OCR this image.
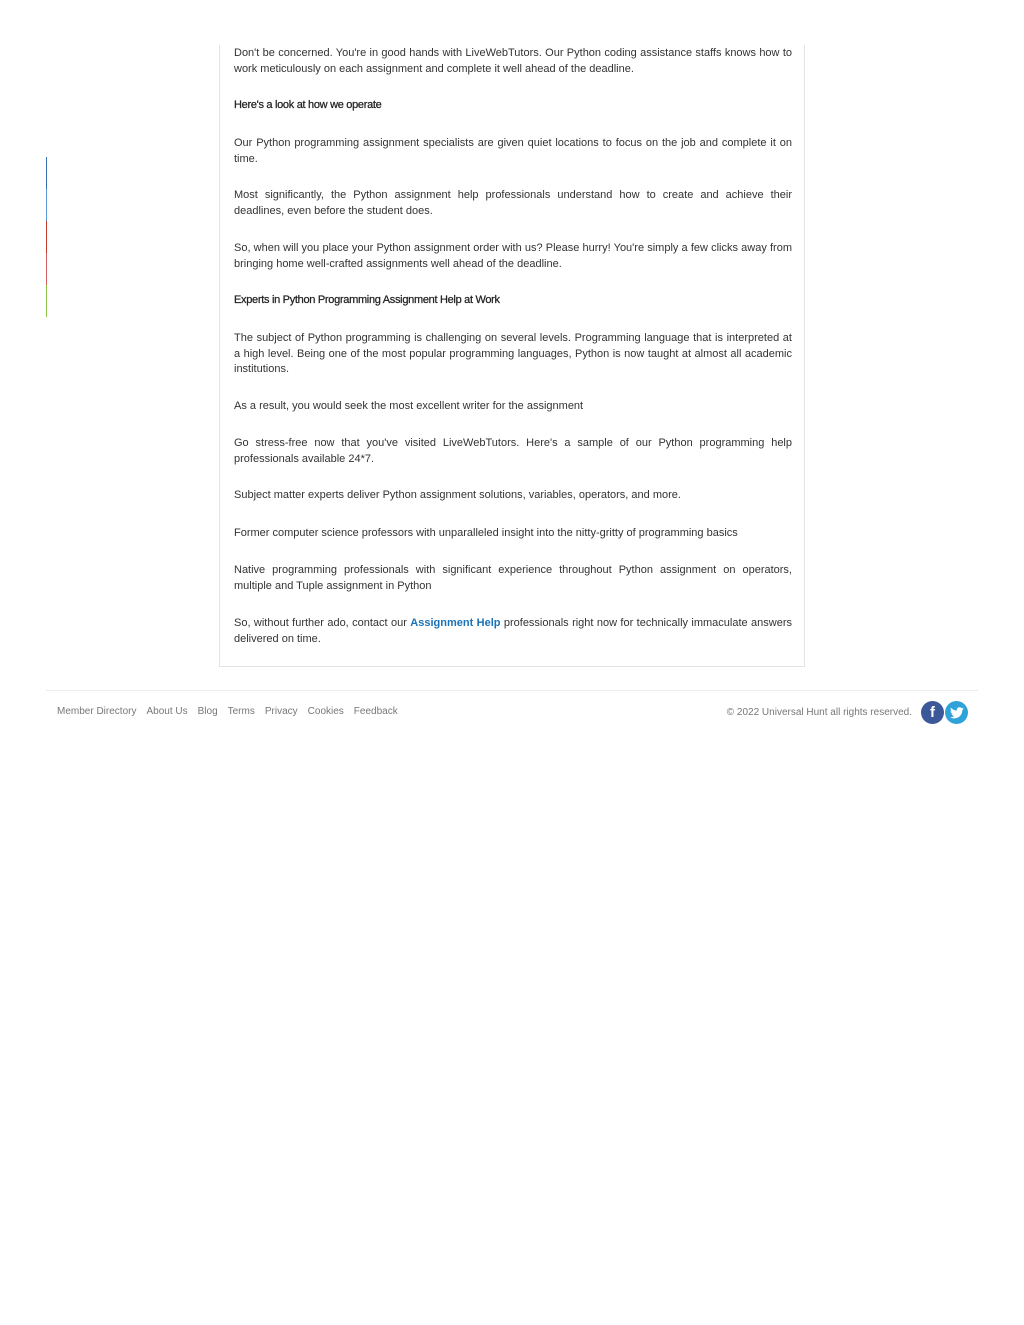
Don't be concerned. You're in good hands with LiveWebTutors. Our Python coding assistance staffs knows how to work meticulously on each assignment and complete it well ahead of the deadline.

Here's a look at how we operate

Our Python programming assignment specialists are given quiet locations to focus on the job and complete it on time.

Most significantly, the Python assignment help professionals understand how to create and achieve their deadlines, even before the student does.

So, when will you place your Python assignment order with us? Please hurry! You're simply a few clicks away from bringing home well-crafted assignments well ahead of the deadline.

Experts in Python Programming Assignment Help at Work

The subject of Python programming is challenging on several levels. Programming language that is interpreted at a high level. Being one of the most popular programming languages, Python is now taught at almost all academic institutions.

As a result, you would seek the most excellent writer for the assignment

Go stress-free now that you've visited LiveWebTutors. Here's a sample of our Python programming help professionals available 24*7.

Subject matter experts deliver Python assignment solutions, variables, operators, and more.

Former computer science professors with unparalleled insight into the nitty-gritty of programming basics

Native programming professionals with significant experience throughout Python assignment on operators, multiple and Tuple assignment in Python

So, without further ado, contact our Assignment Help professionals right now for technically immaculate answers delivered on time.

Member Directory About Us Blog Terms Privacy Cookies Feedback	© 2022 Universal Hunt all rights reserved. f
